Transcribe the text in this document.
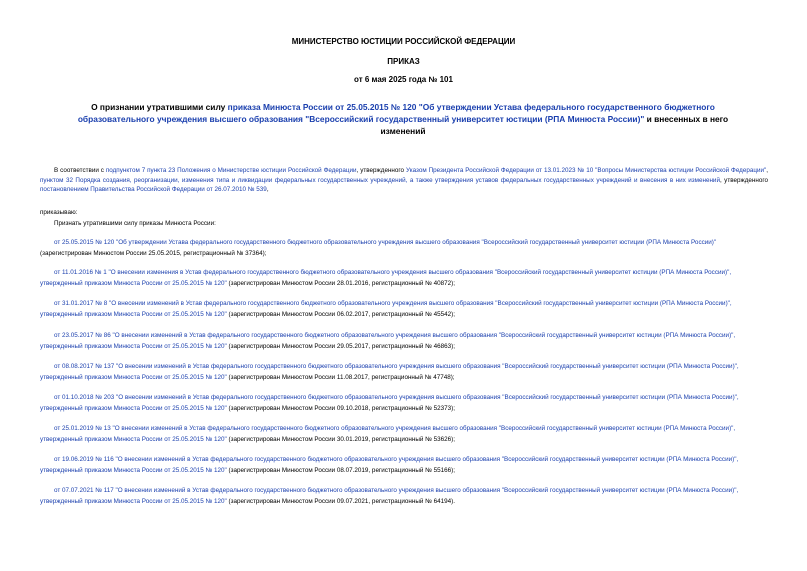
МИНИСТЕРСТВО ЮСТИЦИИ РОССИЙСКОЙ ФЕДЕРАЦИИ
ПРИКАЗ
от 6 мая 2025 года № 101
О признании утратившими силу приказа Минюста России от 25.05.2015 № 120 "Об утверждении Устава федерального государственного бюджетного образовательного учреждения высшего образования "Всероссийский государственный университет юстиции (РПА Минюста России)" и внесенных в него изменений
В соответствии с подпунктом 7 пункта 23 Положения о Министерстве юстиции Российской Федерации, утвержденного Указом Президента Российской Федерации от 13.01.2023 № 10 "Вопросы Министерства юстиции Российской Федерации", пунктом 32 Порядка создания, реорганизации, изменения типа и ликвидации федеральных государственных учреждений, а также утверждения уставов федеральных государственных учреждений и внесения в них изменений, утвержденного постановлением Правительства Российской Федерации от 26.07.2010 № 539,
приказываю:
Признать утратившими силу приказы Минюста России:
от 25.05.2015 № 120 "Об утверждении Устава федерального государственного бюджетного образовательного учреждения высшего образования "Всероссийский государственный университет юстиции (РПА Минюста России)" (зарегистрирован Минюстом России 25.05.2015, регистрационный № 37364);
от 11.01.2016 № 1 "О внесении изменения в Устав федерального государственного бюджетного образовательного учреждения высшего образования "Всероссийский государственный университет юстиции (РПА Минюста России)", утвержденный приказом Минюста России от 25.05.2015 № 120" (зарегистрирован Минюстом России 28.01.2016, регистрационный № 40872);
от 31.01.2017 № 8 "О внесении изменений в Устав федерального государственного бюджетного образовательного учреждения высшего образования "Всероссийский государственный университет юстиции (РПА Минюста России)", утвержденный приказом Минюста России от 25.05.2015 № 120" (зарегистрирован Минюстом России 06.02.2017, регистрационный № 45542);
от 23.05.2017 № 86 "О внесении изменений в Устав федерального государственного бюджетного образовательного учреждения высшего образования "Всероссийский государственный университет юстиции (РПА Минюста России)", утвержденный приказом Минюста России от 25.05.2015 № 120" (зарегистрирован Минюстом России 29.05.2017, регистрационный № 46863);
от 08.08.2017 № 137 "О внесении изменений в Устав федерального государственного бюджетного образовательного учреждения высшего образования "Всероссийский государственный университет юстиции (РПА Минюста России)", утвержденный приказом Минюста России от 25.05.2015 № 120" (зарегистрирован Минюстом России 11.08.2017, регистрационный № 47748);
от 01.10.2018 № 203 "О внесении изменений в Устав федерального государственного бюджетного образовательного учреждения высшего образования "Всероссийский государственный университет юстиции (РПА Минюста России)", утвержденный приказом Минюста России от 25.05.2015 № 120" (зарегистрирован Минюстом России 09.10.2018, регистрационный № 52373);
от 25.01.2019 № 13 "О внесении изменений в Устав федерального государственного бюджетного образовательного учреждения высшего образования "Всероссийский государственный университет юстиции (РПА Минюста России)", утвержденный приказом Минюста России от 25.05.2015 № 120" (зарегистрирован Минюстом России 30.01.2019, регистрационный № 53626);
от 19.06.2019 № 116 "О внесении изменений в Устав федерального государственного бюджетного образовательного учреждения высшего образования "Всероссийский государственный университет юстиции (РПА Минюста России)", утвержденный приказом Минюста России от 25.05.2015 № 120" (зарегистрирован Минюстом России 08.07.2019, регистрационный № 55166);
от 07.07.2021 № 117 "О внесении изменений в Устав федерального государственного бюджетного образовательного учреждения высшего образования "Всероссийский государственный университет юстиции (РПА Минюста России)", утвержденный приказом Минюста России от 25.05.2015 № 120" (зарегистрирован Минюстом России 09.07.2021, регистрационный № 64194).
